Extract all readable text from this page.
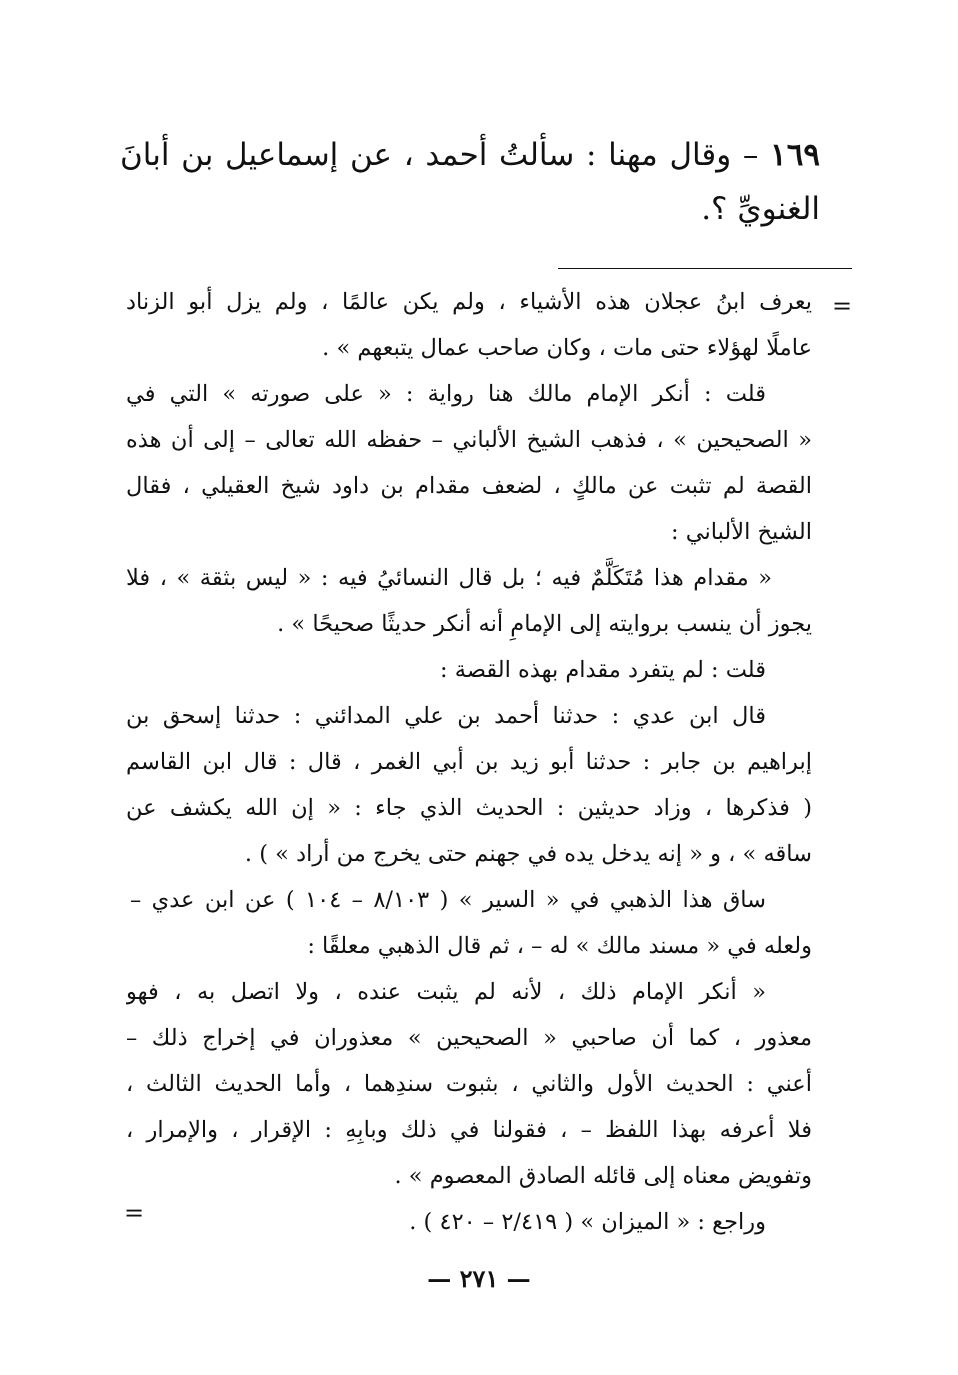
١٦٩ – وقال مهنا : سألتُ أحمد ، عن إسماعيل بن أبانَ الغنويِّ ؟.
=
يعرف ابنُ عجلان هذه الأشياء ، ولم يكن عالمًا ، ولم يزل أبو الزناد
عاملًا لهؤلاء حتى مات ، وكان صاحب عمال يتبعهم » .
قلت : أنكر الإمام مالك هنا رواية : « على صورته » التي في
« الصحيحين » ، فذهب الشيخ الألباني – حفظه الله تعالى – إلى أن هذه
القصة لم تثبت عن مالكٍ ، لضعف مقدام بن داود شيخ العقيلي ، فقال
الشيخ الألباني :
« مقدام هذا مُتَكَلَّمٌ فيه ؛ بل قال النسائيُ فيه : « ليس بثقة » ، فلا
يجوز أن ينسب بروايته إلى الإمامِ أنه أنكر حديثًا صحيحًا » .
قلت : لم يتفرد مقدام بهذه القصة :
قال ابن عدي : حدثنا أحمد بن علي المدائني : حدثنا إسحق بن
إبراهيم بن جابر : حدثنا أبو زيد بن أبي الغمر ، قال : قال ابن القاسم
( فذكرها ، وزاد حديثين : الحديث الذي جاء : « إن الله يكشف عن
ساقه » ، و « إنه يدخل يده في جهنم حتى يخرج من أراد » ) .
ساق هذا الذهبي في « السير » ( ٨/١٠٣ – ١٠٤ ) عن ابن عدي –
ولعله في « مسند مالك » له – ، ثم قال الذهبي معلقًا :
« أنكر الإمام ذلك ، لأنه لم يثبت عنده ، ولا اتصل به ، فهو
معذور ، كما أن صاحبي « الصحيحين » معذوران في إخراج ذلك –
أعني : الحديث الأول والثاني ، بثبوت سندِهما ، وأما الحديث الثالث ،
فلا أعرفه بهذا اللفظ – ، فقولنا في ذلك وبابِهِ : الإقرار ، والإمرار ،
وتفويض معناه إلى قائله الصادق المعصوم » .
وراجع : « الميزان » ( ٢/٤١٩ – ٤٢٠ ) .
=
— ٢٧١ —
